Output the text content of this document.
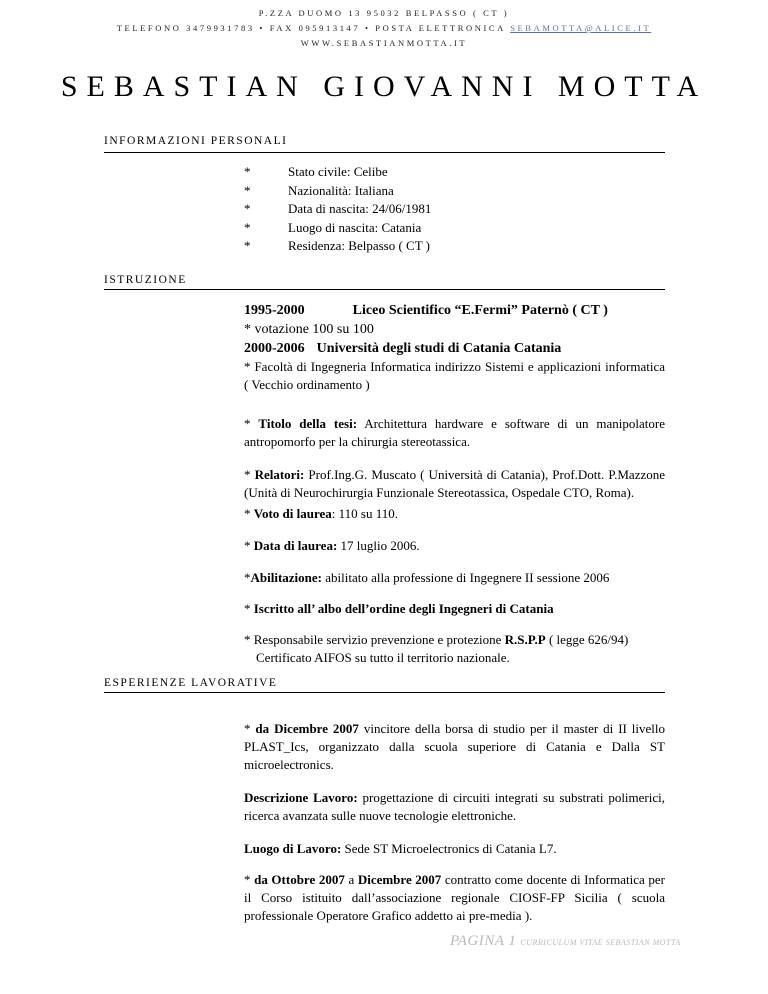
P.ZZA DUOMO 13 95032 BELPASSO ( CT )
TELEFONO 3479931783 • FAX 095913147 • POSTA ELETTRONICA SEBAMOTTA@ALICE.IT
WWW.SEBASTIANMOTTA.IT
SEBASTIAN GIOVANNI MOTTA
INFORMAZIONI PERSONALI
*	Stato civile: Celibe
*	Nazionalità: Italiana
*	Data di nascita: 24/06/1981
*	Luogo di nascita: Catania
*	Residenza: Belpasso ( CT )
ISTRUZIONE
1995-2000	Liceo Scientifico “E.Fermi” Paternò ( CT )
* votazione 100 su 100
2000-2006 Università degli studi di Catania Catania
* Facoltà di Ingegneria Informatica indirizzo Sistemi e applicazioni informatica ( Vecchio ordinamento )
* Titolo della tesi: Architettura hardware e software di un manipolatore antropomorfo per la chirurgia stereotassica.
* Relatori: Prof.Ing.G. Muscato ( Università di Catania), Prof.Dott. P.Mazzone (Unità di Neurochirurgia Funzionale Stereotassica, Ospedale CTO, Roma).
* Voto di laurea: 110 su 110.
* Data di laurea: 17 luglio 2006.
*Abilitazione: abilitato alla professione di Ingegnere II sessione 2006
* Iscritto all’ albo dell’ordine degli Ingegneri di Catania
* Responsabile servizio prevenzione e protezione R.S.P.P ( legge 626/94)
Certificato AIFOS su tutto il territorio nazionale.
ESPERIENZE LAVORATIVE
* da Dicembre 2007 vincitore della borsa di studio per il master di II livello PLAST_Ics, organizzato dalla scuola superiore di Catania e Dalla ST microelectronics.
Descrizione Lavoro: progettazione di circuiti integrati su substrati polimerici, ricerca avanzata sulle nuove tecnologie elettroniche.
Luogo di Lavoro: Sede ST Microelectronics di Catania L7.
* da Ottobre 2007 a Dicembre 2007 contratto come docente di Informatica per il Corso istituito dall’associazione regionale CIOSF-FP Sicilia ( scuola professionale Operatore Grafico addetto ai pre-media ).
PAGINA 1 CURRICULUM VITAE SEBASTIAN MOTTA
